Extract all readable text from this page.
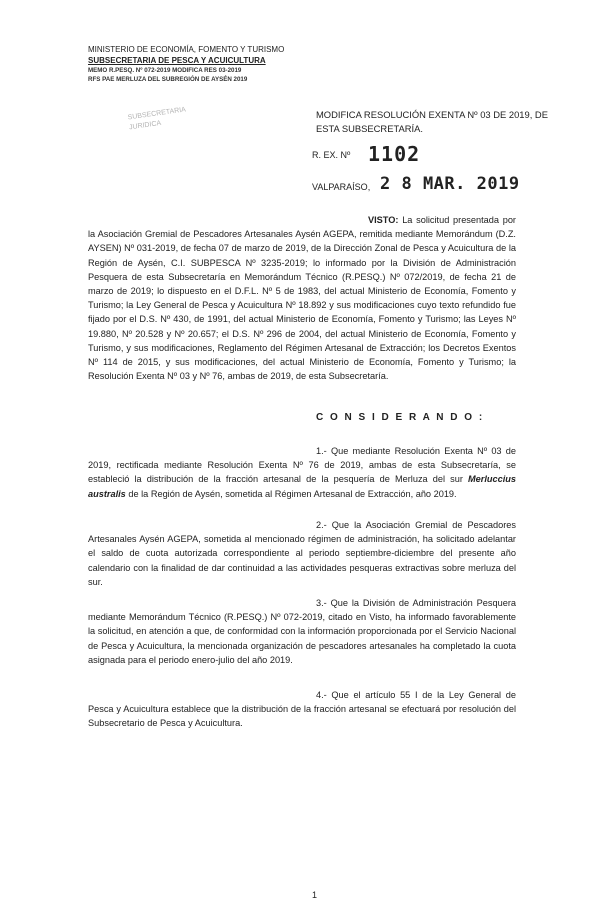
MINISTERIO DE ECONOMÍA, FOMENTO Y TURISMO
SUBSECRETARIA DE PESCA Y ACUICULTURA
MEMO R.PESQ. Nº 072-2019 MODIFICA RES 03-2019
RFS PAE MERLUZA DEL SUBREGIÓN DE AYSÉN 2019
SUBSECRETARIA
JURIDICA
MODIFICA RESOLUCIÓN EXENTA Nº 03 DE 2019, DE
ESTA SUBSECRETARÍA.
R. EX. Nº 1102
VALPARAÍSO, 2 8 MAR. 2019
VISTO: La solicitud presentada por la Asociación Gremial de Pescadores Artesanales Aysén AGEPA, remitida mediante Memorándum (D.Z. AYSEN) Nº 031-2019, de fecha 07 de marzo de 2019, de la Dirección Zonal de Pesca y Acuicultura de la Región de Aysén, C.I. SUBPESCA Nº 3235-2019; lo informado por la División de Administración Pesquera de esta Subsecretaría en Memorándum Técnico (R.PESQ.) Nº 072/2019, de fecha 21 de marzo de 2019; lo dispuesto en el D.F.L. Nº 5 de 1983, del actual Ministerio de Economía, Fomento y Turismo; la Ley General de Pesca y Acuicultura Nº 18.892 y sus modificaciones cuyo texto refundido fue fijado por el D.S. Nº 430, de 1991, del actual Ministerio de Economía, Fomento y Turismo; las Leyes Nº 19.880, Nº 20.528 y Nº 20.657; el D.S. Nº 296 de 2004, del actual Ministerio de Economía, Fomento y Turismo, y sus modificaciones, Reglamento del Régimen Artesanal de Extracción; los Decretos Exentos Nº 114 de 2015, y sus modificaciones, del actual Ministerio de Economía, Fomento y Turismo; la Resolución Exenta Nº 03 y Nº 76, ambas de 2019, de esta Subsecretaría.
C O N S I D E R A N D O :
1.- Que mediante Resolución Exenta Nº 03 de 2019, rectificada mediante Resolución Exenta Nº 76 de 2019, ambas de esta Subsecretaría, se estableció la distribución de la fracción artesanal de la pesquería de Merluza del sur Merluccius australis de la Región de Aysén, sometida al Régimen Artesanal de Extracción, año 2019.
2.- Que la Asociación Gremial de Pescadores Artesanales Aysén AGEPA, sometida al mencionado régimen de administración, ha solicitado adelantar el saldo de cuota autorizada correspondiente al periodo septiembre-diciembre del presente año calendario con la finalidad de dar continuidad a las actividades pesqueras extractivas sobre merluza del sur.
3.- Que la División de Administración Pesquera mediante Memorándum Técnico (R.PESQ.) Nº 072-2019, citado en Visto, ha informado favorablemente la solicitud, en atención a que, de conformidad con la información proporcionada por el Servicio Nacional de Pesca y Acuicultura, la mencionada organización de pescadores artesanales ha completado la cuota asignada para el periodo enero-julio del año 2019.
4.- Que el artículo 55 I de la Ley General de Pesca y Acuicultura establece que la distribución de la fracción artesanal se efectuará por resolución del Subsecretario de Pesca y Acuicultura.
1
